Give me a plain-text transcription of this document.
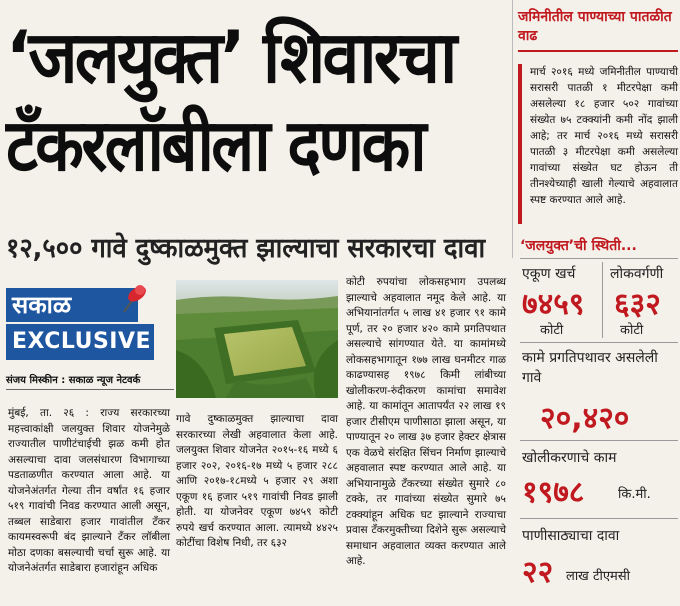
‘जलयुक्त’ शिवारचा
टँकरलॉबीला दणका
१२,५०० गावे दुष्काळमुक्त झाल्याचा सरकारचा दावा
जमिनीतील पाण्याच्या पातळीत वाढ
मार्च २०१६ मध्ये जमिनीतील पाण्याची सरासरी पातळी १ मीटरपेक्षा कमी असलेल्या १८ हजार ५०२ गावांच्या संख्येत ७५ टक्क्यांनी कमी नोंद झाली आहे; तर मार्च २०१६ मध्ये सरासरी पातळी ३ मीटरपेक्षा कमी असलेल्या गावांच्या संख्येत घट होऊन ती तीनश्‍येच्याही खाली गेल्याचे अहवालात स्पष्ट करण्यात आले आहे.
‘जलयुक्त’ची स्थिती...
एकूण खर्च
७४५९
कोटी
लोकवर्गणी
६३२
कोटी
कामे प्रगतिपथावर असलेली गावे
२०,४२०
खोलीकरणाचे काम
१९७८	कि.मी.
पाणीसाठ्याचा दावा
२२ लाख टीएमसी
सकाळ
EXCLUSIVE
संजय मिस्कीन : सकाळ न्यूज नेटवर्क
मुंबई, ता. २६ : राज्य सरकारच्या महत्त्वाकांक्षी जलयुक्त शिवार योजनेमुळे राज्यातील पाणीटंचाईची झळ कमी होत असल्याचा दावा जलसंधारण विभागाच्या पडताळणीत करण्यात आला आहे. या योजनेअंतर्गत गेल्या तीन वर्षांत १६ हजार ५१९ गावांची निवड करण्यात आली असून, तब्बल साडेबारा हजार गावांतील टँकर कायमस्वरूपी बंद झाल्याने टँकर लॉबीला मोठा दणका बसल्याची चर्चा सुरू आहे. या योजनेअंतर्गत साडेबारा हजारांहून अधिक
गावे दुष्काळमुक्त झाल्याचा दावा सरकारच्या लेखी अहवालात केला आहे. जलयुक्त शिवार योजनेत २०१५-१६ मध्ये ६ हजार २०२, २०१६-१७ मध्ये ५ हजार २८८ आणि २०१७-१८मध्ये ५ हजार २९ अशा एकूण १६ हजार ५१९ गावांची निवड झाली होती. या योजनेवर एकूण ७४५९ कोटी रुपये खर्च करण्यात आला. त्यामध्ये ४४२५ कोटींचा विशेष निधी, तर ६३२
कोटी रुपयांचा लोकसहभाग उपलब्ध झाल्याचे अहवालात नमूद केले आहे. या अभियानांतर्गत ५ लाख ४१ हजार ९१ कामे पूर्ण, तर २० हजार ४२० कामे प्रगतिपथात असल्याचे सांगण्यात येते. या कामांमध्ये लोकसहभागातून १७७ लाख घनमीटर गाळ काढण्यासह १९७८ किमी लांबीच्या खोलीकरण-रुंदीकरण कामांचा समावेश आहे. या कामांतून आतापर्यंत २२ लाख १९ हजार टीसीएम पाणीसाठा झाला असून, या पाण्यातून २० लाख ३७ हजार हेक्टर क्षेत्रास एक वेळचे संरक्षित सिंचन निर्माण झाल्याचे अहवालात स्पष्ट करण्यात आले आहे. या अभियानामुळे टँकरच्या संख्येत सुमारे ८० टक्के, तर गावांच्या संख्येत सुमारे ७५ टक्क्यांहून अधिक घट झाल्याने राज्याचा प्रवास टँकरमुक्तीच्या दिशेने सुरू असल्याचे समाधान अहवालात व्यक्त करण्यात आले आहे.
